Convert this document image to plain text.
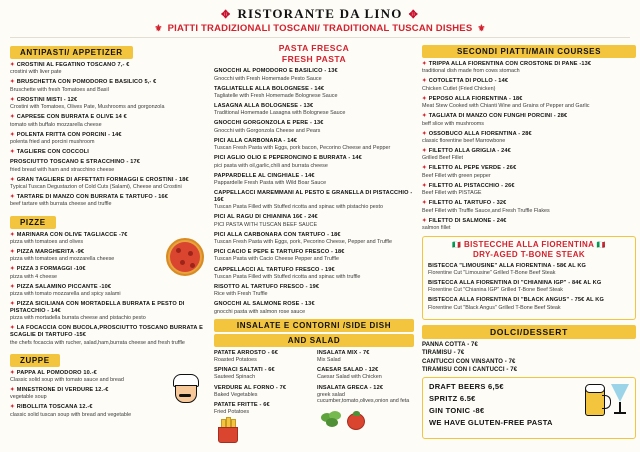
✥ RISTORANTE DA LINO ✥
⚜ PIATTI TRADIZIONALI TOSCANI/ TRADITIONAL TUSCAN DISHES ⚜
ANTIPASTI/ APPETIZER
✦ CROSTINI AL FEGATINO TOSCANO 7,- €
crostini with liver pate
✦ BRUSCHETTA CON POMODORO E BASILICO 5,- €
Bruschette with fresh Tomatoes and Basil
✦ CROSTINI MISTI - 12€
Crostini with Tomatoes, Olives Pate, Mushrooms and gorgonzola
✦ CAPRESE CON BURRATA E OLIVE 14 €
tomato with buffalo mozzarella cheese
✦ POLENTA FRITTA CON PORCINI - 14€
polenta fried and porcini mushroom
✦ TAGLIERE CON COCCOLI
PROSCIUTTO TOSCANO E STRACCHINO - 17€
fried bread with ham and stracchino cheese
✦ GRAN TAGLIERE DI AFFETTATI FORMAGGI E CROSTINI - 18€
Typical Tuscan Degustazion of Cold Cuts (Salami), Cheese and Crostini
✦ TARTARE DI MANZO CON BURRATA E TARTUFO - 16€
beef tartare with burrata cheese and truffle
PIZZE
✦ MARINARA CON OLIVE TAGLIACCE -7€
pizza with tomatoes and olives
✦ PIZZA MARGHERITA -9€
pizza with tomatoes and mozzarella cheese
✦ PIZZA 3 FORMAGGI -10€
pizza with 4 cheese
✦ PIZZA SALAMINO PICCANTE -10€
pizza with tomato mozzarella and spicy salami
✦ PIZZA SICILIANA CON MORTADELLA BURRATA E PESTO DI PISTACCHIO - 14€
pizza with mortadella burrata cheese and pistachio pesto
✦ LA FOCACCIA CON BUCOLA,PROSCIUTTO TOSCANO BURRATA E SCAGLIE DI TARTUFO -15€
the chefs focaccia with rucher, salad,ham,burrata cheese and fresh truffle
ZUPPE
✦ PAPPA AL POMODORO 10.-€
Classic solid soup with tomato sauce and bread
✦ MINESTRONE DI VERDURE 12.-€
vegetable soup
✦ RIBOLLITA TOSCANA 12.-€
classic solid tuscan soup with bread and vegetable
PASTA FRESCA
FRESH PASTA
GNOCCHI AL POMODORO E BASILICO - 13€
Gnocchi with Fresh Homemade Pesto Sauce
TAGLIATELLE ALLA BOLOGNESE - 14€
Tagliatelle with Fresh Homemade Bolognese Sauce
LASAGNA ALLA BOLOGNESE - 13€
Traditional Homemade Lasagna with Bolognese Sauce
GNOCCHI GORGONZOLA E PERE - 13€
Gnocchi with Gorgonzola Cheese and Pears
PICI ALLA CARBONARA - 14€
Tuscan Fresh Pasta with Eggs, pork bacon, Pecorino Cheese and Pepper
PICI AGLIO OLIO E PEPERONCINO E BURRATA - 14€
pici pasta with oil,garlic,chili and burrata cheese
PAPPARDELLE AL CINGHIALE - 14€
Pappardelle Fresh Pasta with Wild Boar Sauce
CAPPELLACCI MAREMMANI AL PESTO E GRANELLA DI PISTACCHIO - 16€
Tuscan Pasta Filled with Stuffed ricotta and spinac with pistachio pesto
PICI AL RAGU DI CHIANINA 16€ - 24€
PICI PASTA WITH TUSCAN BEEF SAUCE
PICI ALLA CARBONARA CON TARTUFO - 18€
Tuscan Fresh Pasta with Eggs, pork, Pecorino Cheese, Pepper and Truffle
PICI CACIO E PEPE E TARTUFO FRESCO - 18€
Tuscan Pasta with Cacio Cheese Pepper and Truffle
CAPPELLACCI AL TARTUFO FRESCO - 19€
Tuscan Pasta Filled with Stuffed ricotta and spinac with truffle
RISOTTO AL TARTUFO FRESCO - 19€
Rice with Fresh Truffle
GNOCCHI AL SALMONE ROSE - 13€
gnocchi pasta with salmon rose sauce
INSALATE E CONTORNI /SIDE DISH
AND SALAD
PATATE ARROSTO - 6€
Roasted Potatoes
SPINACI SALTATI - 6€
Sauteed Spinach
VERDURE AL FORNO - 7€
Baked Vegetables
PATATE FRITTE - 6€
Fried Potatoes
INSALATA MIX - 7€
Mix Salad
CAESAR SALAD - 12€
Caesar Salad with Chicken
INSALATA GRECA - 12€
greek salad cucumber,tomato,olives,onion and feta
SECONDI PIATTI/MAIN COURSES
✦ TRIPPA ALLA FIORENTINA CON CROSTONE DI PANE -13€
traditional dish made from cows stomach
✦ COTOLETTA DI POLLO - 14€
Chicken Cutlet (Fried Chicken)
✦ PEPOSO ALLA FIORENTINA - 18€
Meat Stew Cooked with Chianti Wine and Grains of Pepper and Garlic
✦ TAGLIATA DI MANZO CON FUNGHI PORCINI - 28€
beff slice with mushrooms
✦ OSSOBUCO ALLA FIORENTINA - 28€
classic florentine beef Marrowbone
✦ FILETTO ALLA GRIGLIA - 24€
Grilled Beef Fillet
✦ FILETTO AL PEPE VERDE - 26€
Beef Fillet with green pepper
✦ FILETTO AL PISTACCHIO - 26€
Beef Fillet with PISTAGE
✦ FILETTO AL TARTUFO - 32€
Beef Fillet with Truffle Sauce,and Fresh Truffle Flakes
✦ FILETTO DI SALMONE - 24€
salmon fillet
🇮🇹 BISTECCHE ALLA FIORENTINA 🇮🇹
DRY-AGED T-BONE STEAK
BISTECCA "LIMOUSINE" ALLA FIORENTINA - 58€ AL KG
Florentine Cut "Limousine" Grilled T-Bone Beef Steak
BISTECCA ALLA FIORENTINA DI "CHIANINA IGP" - 84€ AL KG
Florentine Cut "Chianina IGP" Grilled T-Bone Beef Steak
BISTECCA ALLA FIORENTINA DI "BLACK ANGUS" - 75€ AL KG
Florentine Cut "Black Angus" Grilled T-Bone Beef Steak
DOLCI/DESSERT
PANNA COTTA - 7€
TIRAMISU - 7€
CANTUCCI CON VINSANTO - 7€
TIRAMISU CON I CANTUCCI - 7€
DRAFT BEERS 6,5€
SPRITZ 6.5€
GIN TONIC -8€
WE HAVE GLUTEN-FREE PASTA
